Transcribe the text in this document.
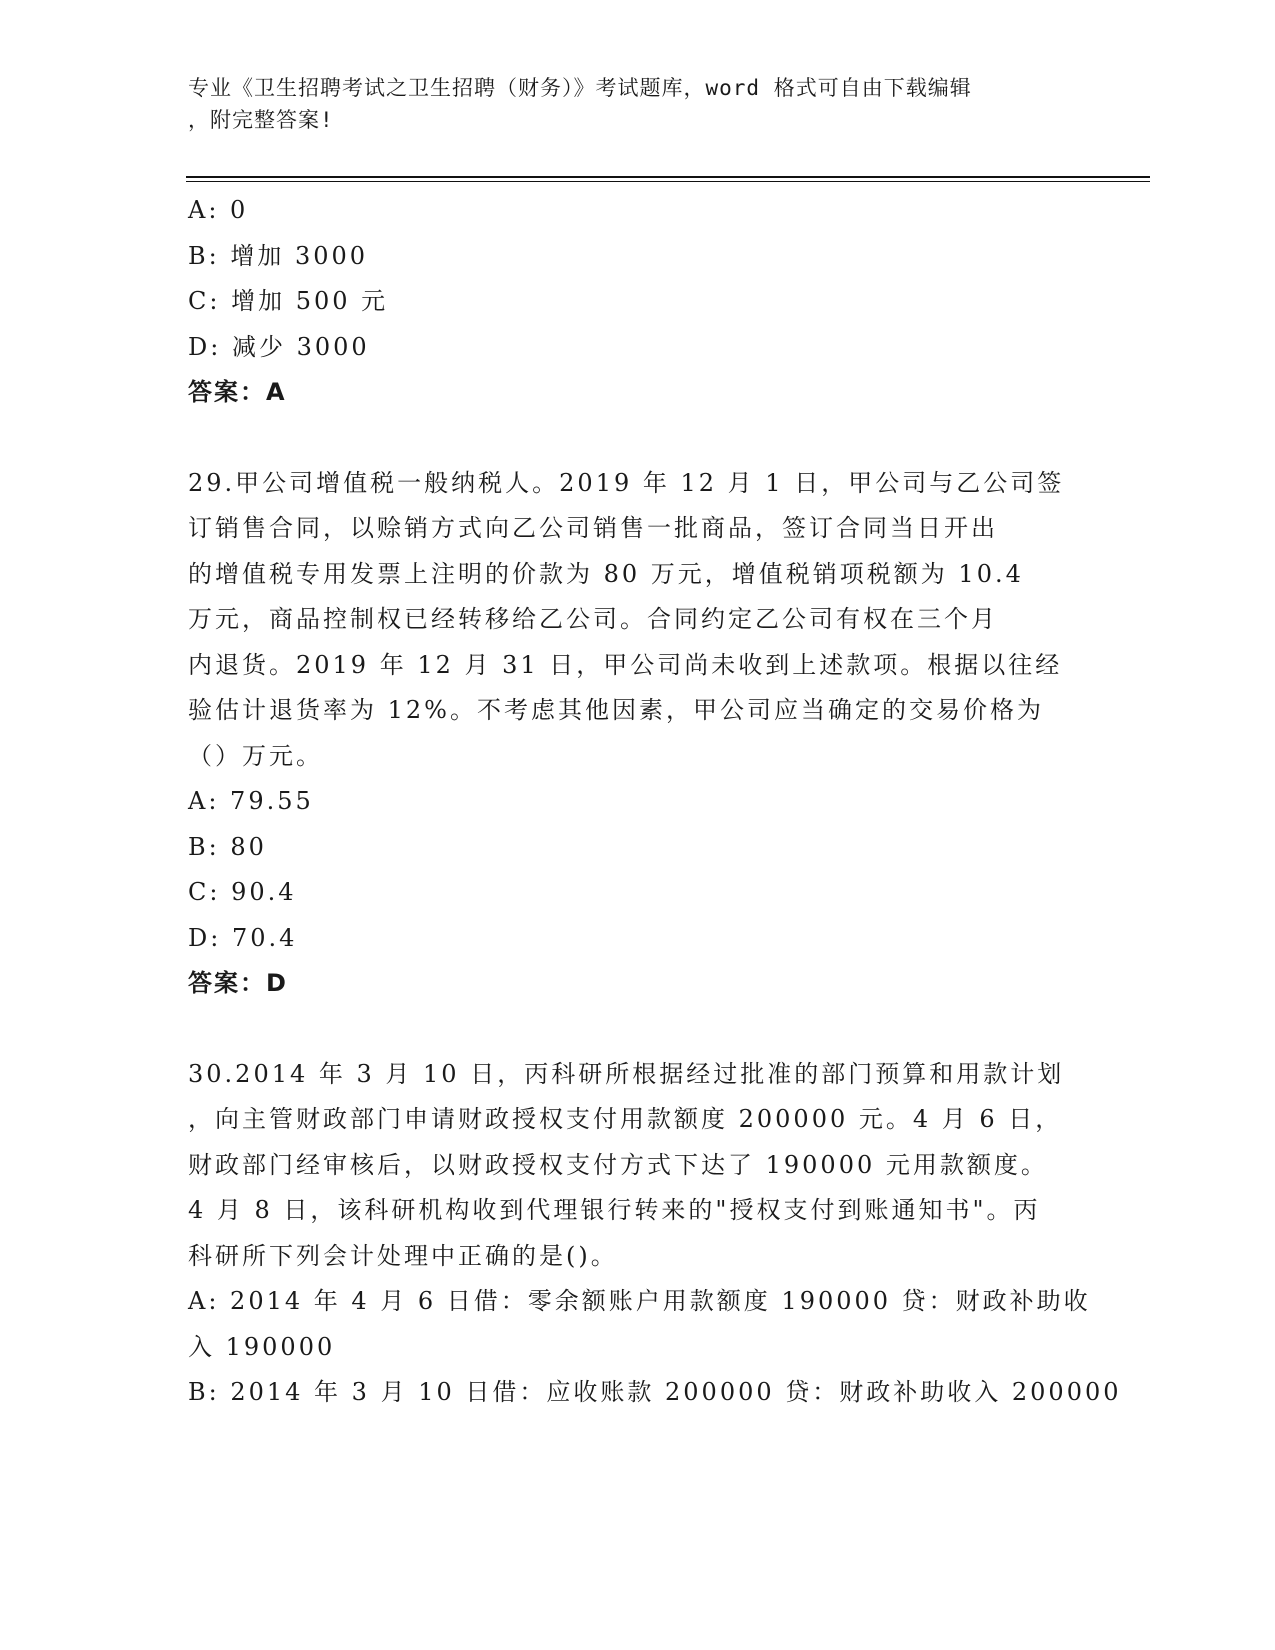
专业《卫生招聘考试之卫生招聘（财务）》考试题库，word 格式可自由下载编辑
，附完整答案!
A: 0
B: 增加 3000
C: 增加 500 元
D: 减少 3000
答案：A
29.甲公司增值税一般纳税人。2019 年 12 月 1 日，甲公司与乙公司签
订销售合同，以赊销方式向乙公司销售一批商品，签订合同当日开出
的增值税专用发票上注明的价款为 80 万元，增值税销项税额为 10.4
万元，商品控制权已经转移给乙公司。合同约定乙公司有权在三个月
内退货。2019 年 12 月 31 日，甲公司尚未收到上述款项。根据以往经
验估计退货率为 12%。不考虑其他因素，甲公司应当确定的交易价格为
（）万元。
A: 79.55
B: 80
C: 90.4
D: 70.4
答案：D
30.2014 年 3 月 10 日，丙科研所根据经过批准的部门预算和用款计划
，向主管财政部门申请财政授权支付用款额度 200000 元。4 月 6 日，
财政部门经审核后，以财政授权支付方式下达了 190000 元用款额度。
4 月 8 日，该科研机构收到代理银行转来的"授权支付到账通知书"。丙
科研所下列会计处理中正确的是()。
A: 2014 年 4 月 6 日借：零余额账户用款额度 190000 贷：财政补助收
入 190000
B: 2014 年 3 月 10 日借：应收账款 200000 贷：财政补助收入 200000
